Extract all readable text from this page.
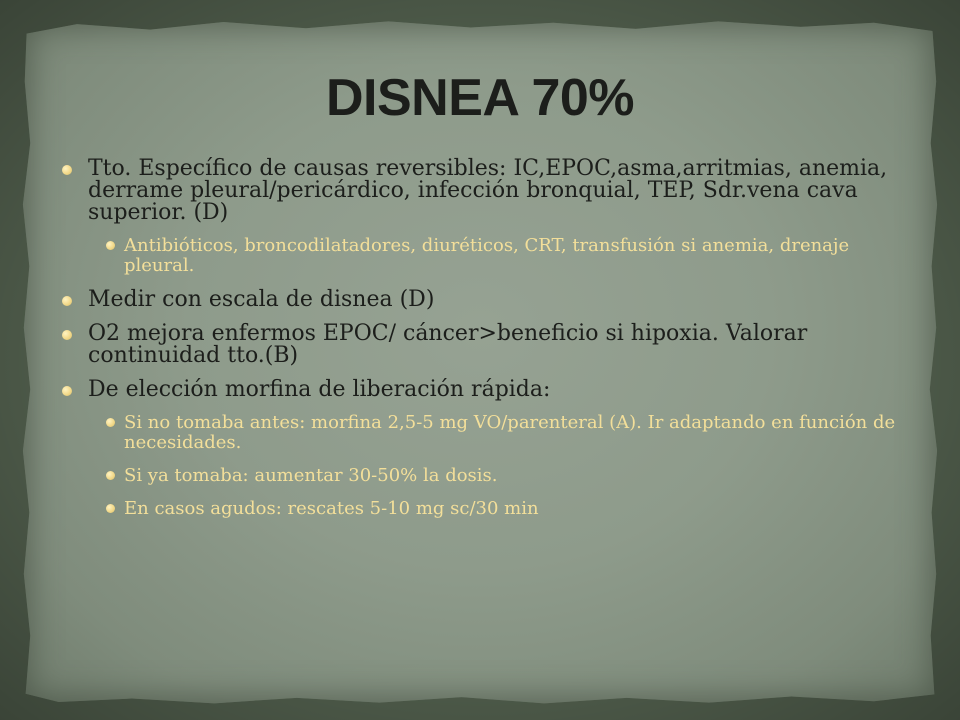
DISNEA 70%
Tto. Específico de causas reversibles: IC,EPOC,asma,arritmias, anemia, derrame pleural/pericárdico, infección bronquial, TEP, Sdr.vena cava superior. (D)
Antibióticos, broncodilatadores, diuréticos, CRT, transfusión si anemia, drenaje pleural.
Medir con escala de disnea (D)
O2 mejora enfermos EPOC/ cáncer>beneficio si hipoxia. Valorar continuidad tto.(B)
De elección morfina de liberación rápida:
Si no tomaba antes: morfina 2,5-5 mg VO/parenteral (A). Ir adaptando en función de necesidades.
Si ya tomaba: aumentar 30-50% la dosis.
En casos agudos: rescates 5-10 mg sc/30 min
